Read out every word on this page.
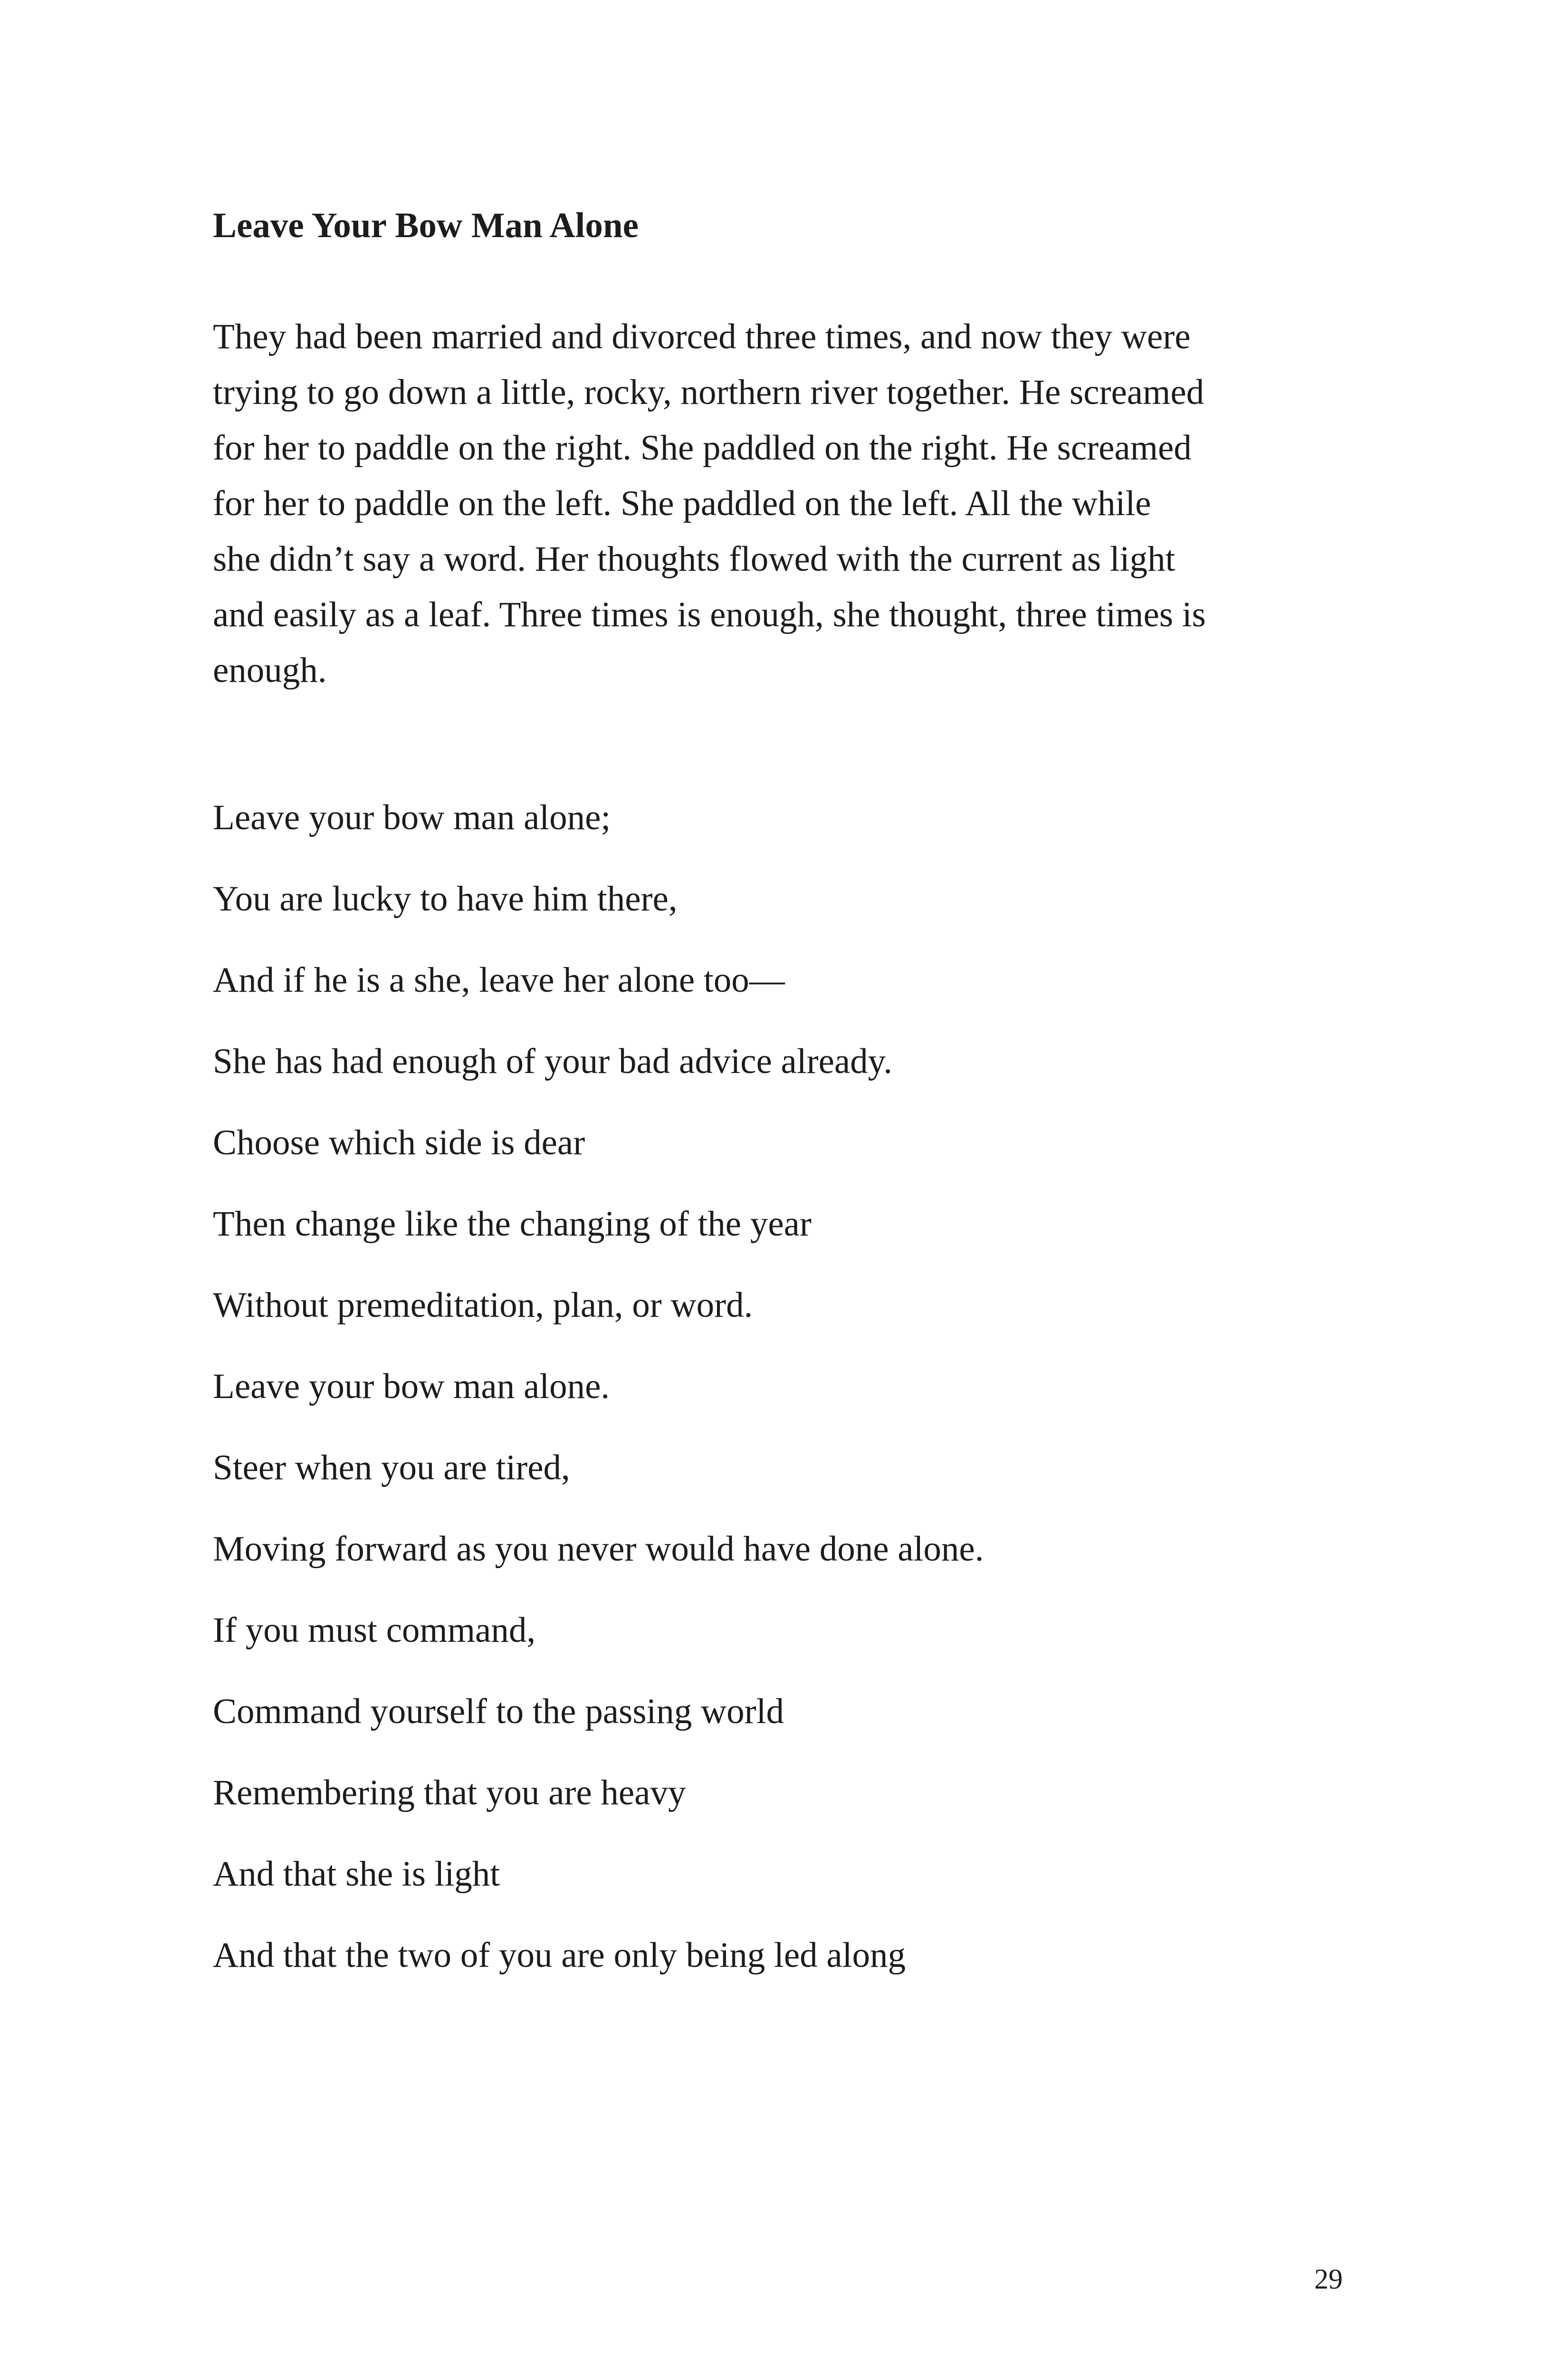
Leave Your Bow Man Alone
They had been married and divorced three times, and now they were
trying to go down a little, rocky, northern river together. He screamed
for her to paddle on the right. She paddled on the right. He screamed
for her to paddle on the left. She paddled on the left. All the while
she didn’t say a word. Her thoughts flowed with the current as light
and easily as a leaf. Three times is enough, she thought, three times is
enough.
Leave your bow man alone;
You are lucky to have him there,
And if he is a she, leave her alone too—
She has had enough of your bad advice already.
Choose which side is dear
Then change like the changing of the year
Without premeditation, plan, or word.
Leave your bow man alone.
Steer when you are tired,
Moving forward as you never would have done alone.
If you must command,
Command yourself to the passing world
Remembering that you are heavy
And that she is light
And that the two of you are only being led along
29
